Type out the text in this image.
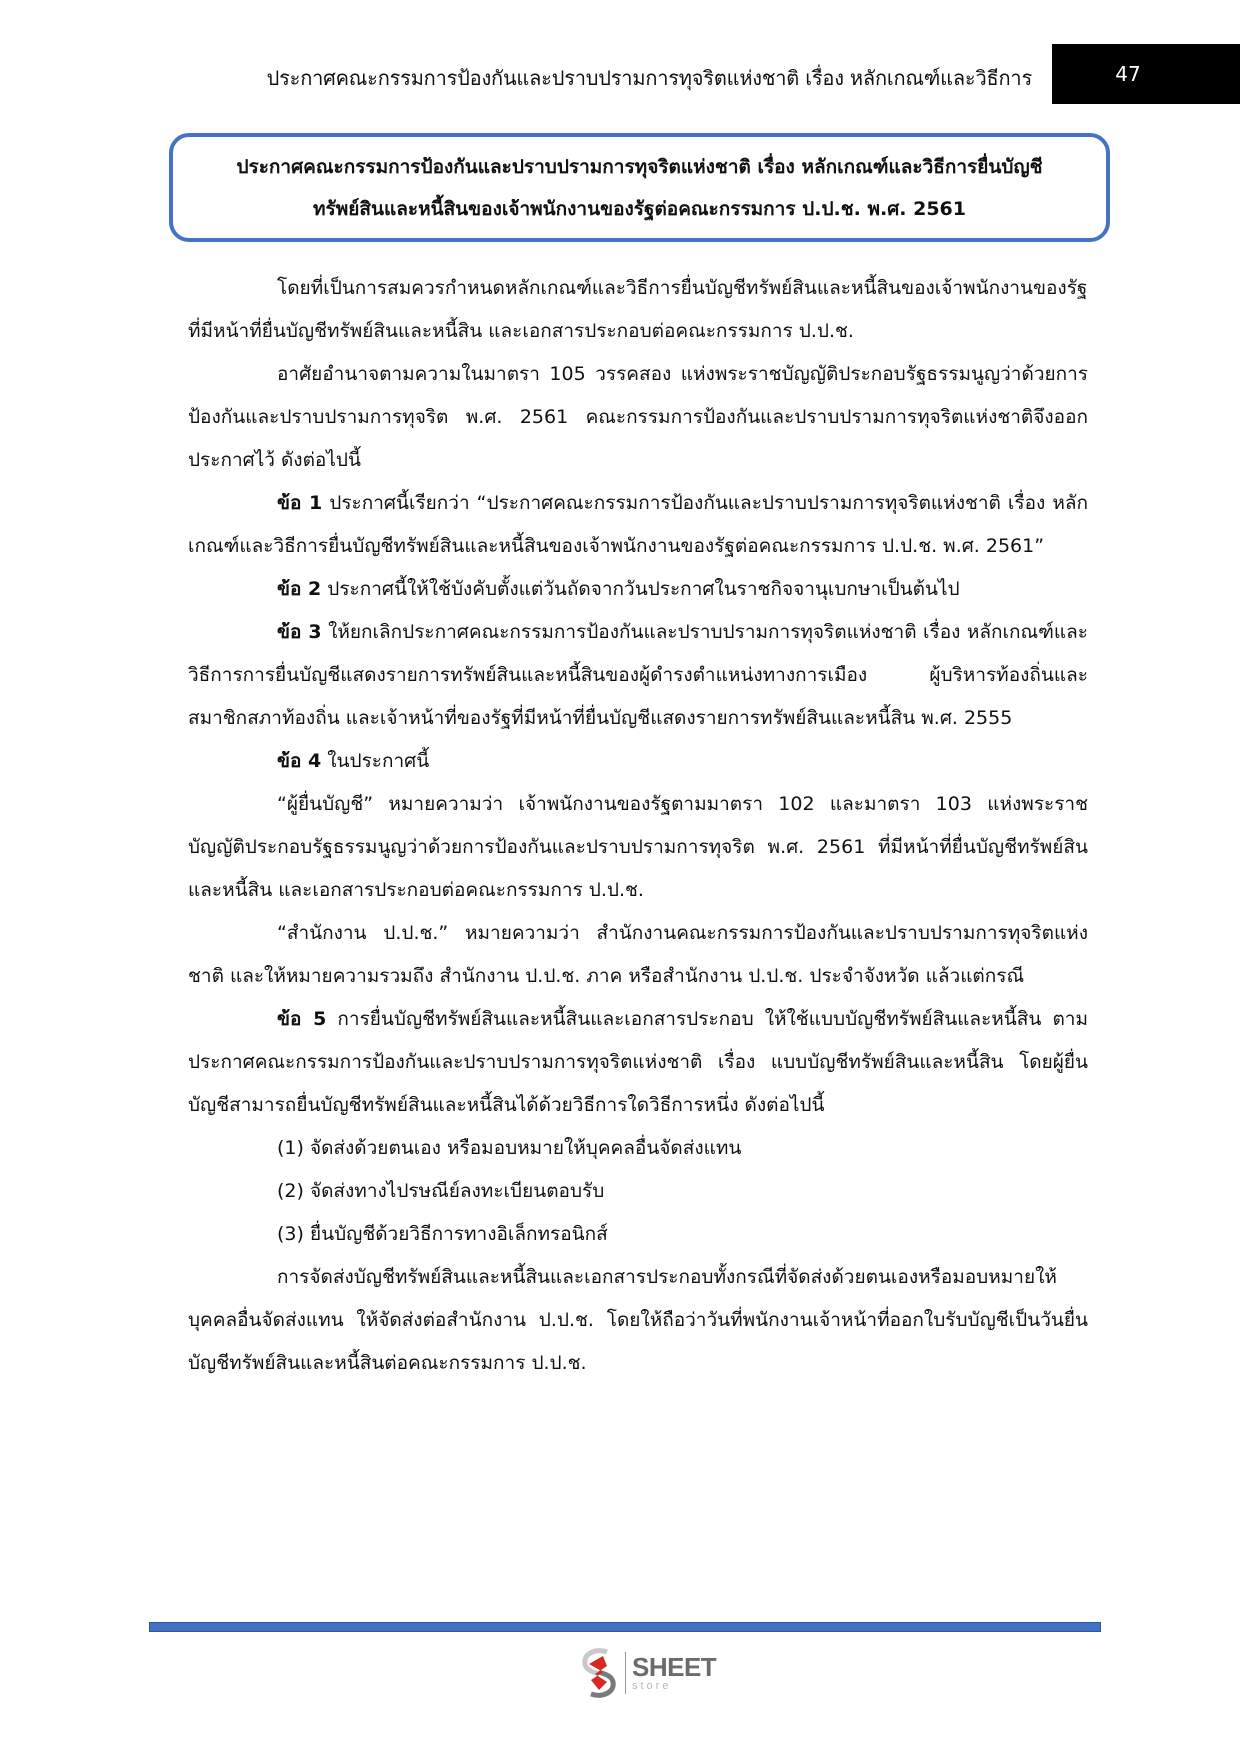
ประกาศคณะกรรมการป้องกันและปราบปรามการทุจริตแห่งชาติ เรื่อง หลักเกณฑ์และวิธีการ	47
ประกาศคณะกรรมการป้องกันและปราบปรามการทุจริตแห่งชาติ เรื่อง หลักเกณฑ์และวิธีการยื่นบัญชี
ทรัพย์สินและหนี้สินของเจ้าพนักงานของรัฐต่อคณะกรรมการ ป.ป.ช. พ.ศ. 2561

โดยที่เป็นการสมควรกำหนดหลักเกณฑ์และวิธีการยื่นบัญชีทรัพย์สินและหนี้สินของเจ้าพนักงานของรัฐที่มีหน้าที่ยื่นบัญชีทรัพย์สินและหนี้สิน และเอกสารประกอบต่อคณะกรรมการ ป.ป.ช.

อาศัยอำนาจตามความในมาตรา 105 วรรคสอง แห่งพระราชบัญญัติประกอบรัฐธรรมนูญว่าด้วยการป้องกันและปราบปรามการทุจริต พ.ศ. 2561 คณะกรรมการป้องกันและปราบปรามการทุจริตแห่งชาติจึงออกประกาศไว้ ดังต่อไปนี้

ข้อ 1 ประกาศนี้เรียกว่า “ประกาศคณะกรรมการป้องกันและปราบปรามการทุจริตแห่งชาติ เรื่อง หลักเกณฑ์และวิธีการยื่นบัญชีทรัพย์สินและหนี้สินของเจ้าพนักงานของรัฐต่อคณะกรรมการ ป.ป.ช. พ.ศ. 2561”

ข้อ 2 ประกาศนี้ให้ใช้บังคับตั้งแต่วันถัดจากวันประกาศในราชกิจจานุเบกษาเป็นต้นไป

ข้อ 3 ให้ยกเลิกประกาศคณะกรรมการป้องกันและปราบปรามการทุจริตแห่งชาติ เรื่อง หลักเกณฑ์และวิธีการการยื่นบัญชีแสดงรายการทรัพย์สินและหนี้สินของผู้ดำรงตำแหน่งทางการเมือง ผู้บริหารท้องถิ่นและสมาชิกสภาท้องถิ่น และเจ้าหน้าที่ของรัฐที่มีหน้าที่ยื่นบัญชีแสดงรายการทรัพย์สินและหนี้สิน พ.ศ. 2555

ข้อ 4 ในประกาศนี้

“ผู้ยื่นบัญชี” หมายความว่า เจ้าพนักงานของรัฐตามมาตรา 102 และมาตรา 103 แห่งพระราชบัญญัติประกอบรัฐธรรมนูญว่าด้วยการป้องกันและปราบปรามการทุจริต พ.ศ. 2561 ที่มีหน้าที่ยื่นบัญชีทรัพย์สินและหนี้สิน และเอกสารประกอบต่อคณะกรรมการ ป.ป.ช.

“สำนักงาน ป.ป.ช.” หมายความว่า สำนักงานคณะกรรมการป้องกันและปราบปรามการทุจริตแห่งชาติ และให้หมายความรวมถึง สำนักงาน ป.ป.ช. ภาค หรือสำนักงาน ป.ป.ช. ประจำจังหวัด แล้วแต่กรณี

ข้อ 5 การยื่นบัญชีทรัพย์สินและหนี้สินและเอกสารประกอบ ให้ใช้แบบบัญชีทรัพย์สินและหนี้สิน ตามประกาศคณะกรรมการป้องกันและปราบปรามการทุจริตแห่งชาติ เรื่อง แบบบัญชีทรัพย์สินและหนี้สิน โดยผู้ยื่นบัญชีสามารถยื่นบัญชีทรัพย์สินและหนี้สินได้ด้วยวิธีการใดวิธีการหนึ่ง ดังต่อไปนี้

(1) จัดส่งด้วยตนเอง หรือมอบหมายให้บุคคลอื่นจัดส่งแทน

(2) จัดส่งทางไปรษณีย์ลงทะเบียนตอบรับ

(3) ยื่นบัญชีด้วยวิธีการทางอิเล็กทรอนิกส์

การจัดส่งบัญชีทรัพย์สินและหนี้สินและเอกสารประกอบทั้งกรณีที่จัดส่งด้วยตนเองหรือมอบหมายให้บุคคลอื่นจัดส่งแทน ให้จัดส่งต่อสำนักงาน ป.ป.ช. โดยให้ถือว่าวันที่พนักงานเจ้าหน้าที่ออกใบรับบัญชีเป็นวันยื่นบัญชีทรัพย์สินและหนี้สินต่อคณะกรรมการ ป.ป.ช.

SHEET
store
